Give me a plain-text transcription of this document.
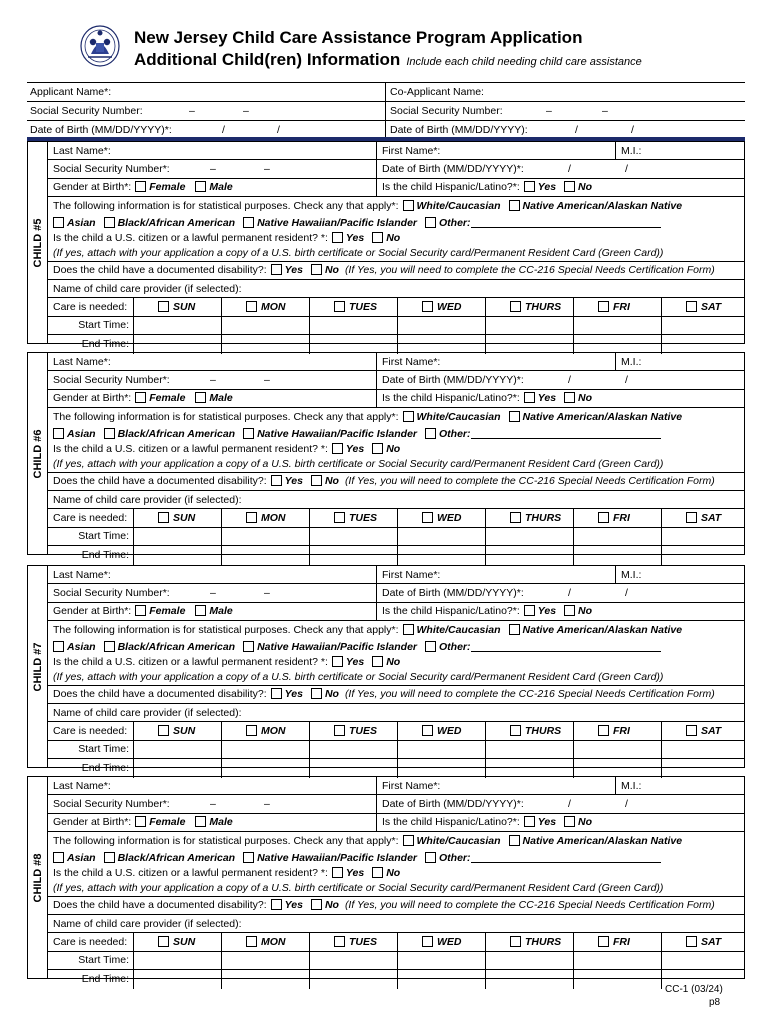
New Jersey Child Care Assistance Program Application
Additional Child(ren) Information Include each child needing child care assistance
Applicant Name*:	Co-Applicant Name:
Social Security Number:	–	–	Social Security Number:	–	–
Date of Birth (MM/DD/YYYY)*:	/	/	Date of Birth (MM/DD/YYYY):	/	/
CHILD #5
Last Name*:	First Name*:	M.I.:
Social Security Number*:	–	–	Date of Birth (MM/DD/YYYY)*:	/	/
Gender at Birth*: Female Male	Is the child Hispanic/Latino?*: Yes No
The following information is for statistical purposes. Check any that apply*: White/Caucasian Native American/Alaskan Native
Asian Black/African American Native Hawaiian/Pacific Islander Other:
Is the child a U.S. citizen or a lawful permanent resident? *: Yes No
(If yes, attach with your application a copy of a U.S. birth certificate or Social Security card/Permanent Resident Card (Green Card))
Does the child have a documented disability?: Yes No (If Yes, you will need to complete the CC-216 Special Needs Certification Form)
Name of child care provider (if selected):
Care is needed:	SUN	MON	TUES	WED	THURS	FRI	SAT
Start Time:
End Time:
CHILD #6
Last Name*:	First Name*:	M.I.:
Social Security Number*:	–	–	Date of Birth (MM/DD/YYYY)*:	/	/
Gender at Birth*: Female Male	Is the child Hispanic/Latino?*: Yes No
The following information is for statistical purposes. Check any that apply*: White/Caucasian Native American/Alaskan Native
Asian Black/African American Native Hawaiian/Pacific Islander Other:
Is the child a U.S. citizen or a lawful permanent resident? *: Yes No
(If yes, attach with your application a copy of a U.S. birth certificate or Social Security card/Permanent Resident Card (Green Card))
Does the child have a documented disability?: Yes No (If Yes, you will need to complete the CC-216 Special Needs Certification Form)
Name of child care provider (if selected):
Care is needed:	SUN	MON	TUES	WED	THURS	FRI	SAT
Start Time:
End Time:
CHILD #7
Last Name*:	First Name*:	M.I.:
Social Security Number*:	–	–	Date of Birth (MM/DD/YYYY)*:	/	/
Gender at Birth*: Female Male	Is the child Hispanic/Latino?*: Yes No
The following information is for statistical purposes. Check any that apply*: White/Caucasian Native American/Alaskan Native
Asian Black/African American Native Hawaiian/Pacific Islander Other:
Is the child a U.S. citizen or a lawful permanent resident? *: Yes No
(If yes, attach with your application a copy of a U.S. birth certificate or Social Security card/Permanent Resident Card (Green Card))
Does the child have a documented disability?: Yes No (If Yes, you will need to complete the CC-216 Special Needs Certification Form)
Name of child care provider (if selected):
Care is needed:	SUN	MON	TUES	WED	THURS	FRI	SAT
Start Time:
End Time:
CHILD #8
Last Name*:	First Name*:	M.I.:
Social Security Number*:	–	–	Date of Birth (MM/DD/YYYY)*:	/	/
Gender at Birth*: Female Male	Is the child Hispanic/Latino?*: Yes No
The following information is for statistical purposes. Check any that apply*: White/Caucasian Native American/Alaskan Native
Asian Black/African American Native Hawaiian/Pacific Islander Other:
Is the child a U.S. citizen or a lawful permanent resident? *: Yes No
(If yes, attach with your application a copy of a U.S. birth certificate or Social Security card/Permanent Resident Card (Green Card))
Does the child have a documented disability?: Yes No (If Yes, you will need to complete the CC-216 Special Needs Certification Form)
Name of child care provider (if selected):
Care is needed:	SUN	MON	TUES	WED	THURS	FRI	SAT
Start Time:
End Time:
CC-1 (03/24)
p8
